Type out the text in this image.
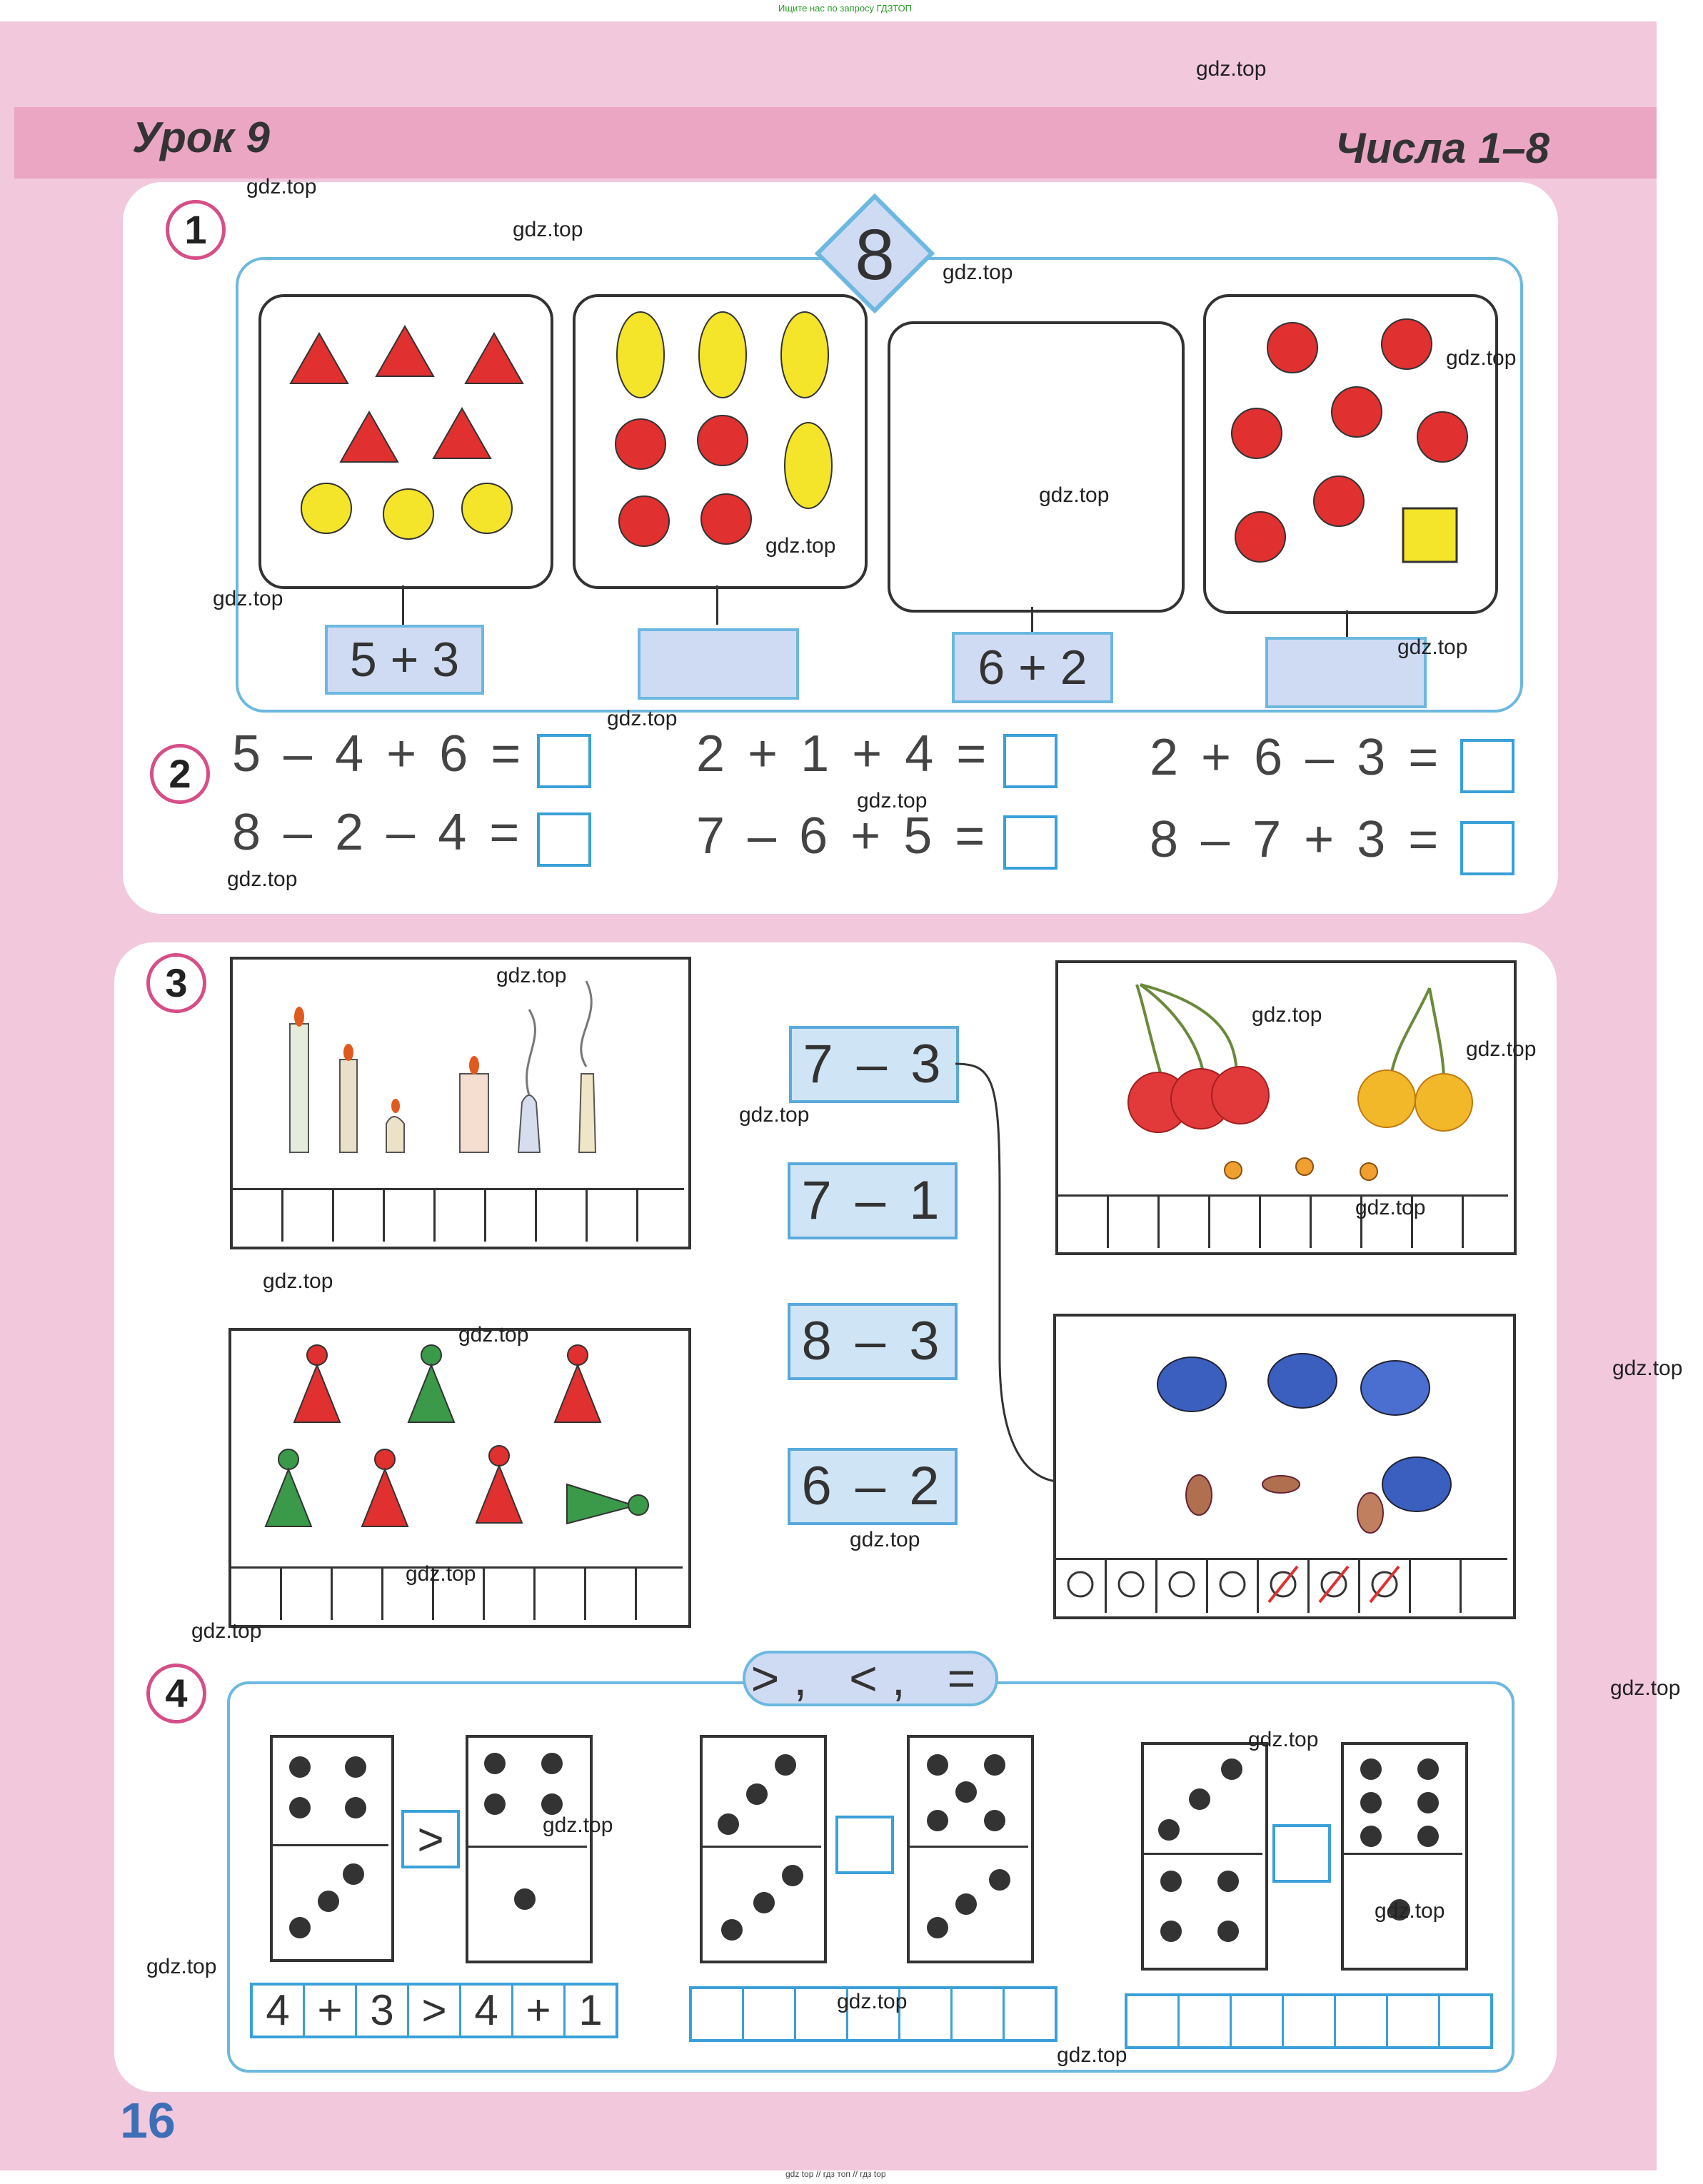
Ищите нас по запросу ГДЗТОП
Урок 9	Числа 1–8
1	8
5 + 3	6 + 2
2 5 – 4 + 6 =	2 + 1 + 4 =	2 + 6 – 3 =
8 – 2 – 4 =	7 – 6 + 5 =	8 – 7 + 3 =
3
7 – 3
7 – 1
8 – 3
6 – 2
4	>, <, =
>
4 + 3 > 4 + 1
16
gdz.top
gdz.top
gdz.top
gdz.top
gdz.top
gdz.top
gdz.top
gdz.top
gdz.top
gdz.top
gdz.top
gdz.top
gdz.top
gdz.top
gdz.top
gdz.top
gdz.top
gdz.top
gdz.top
gdz.top
gdz.top
gdz.top
gdz.top
gdz.top
gdz.top
gdz.top
gdz.top
gdz.top
gdz.top
gdz.top
gdz top // гдз топ // гдз top
